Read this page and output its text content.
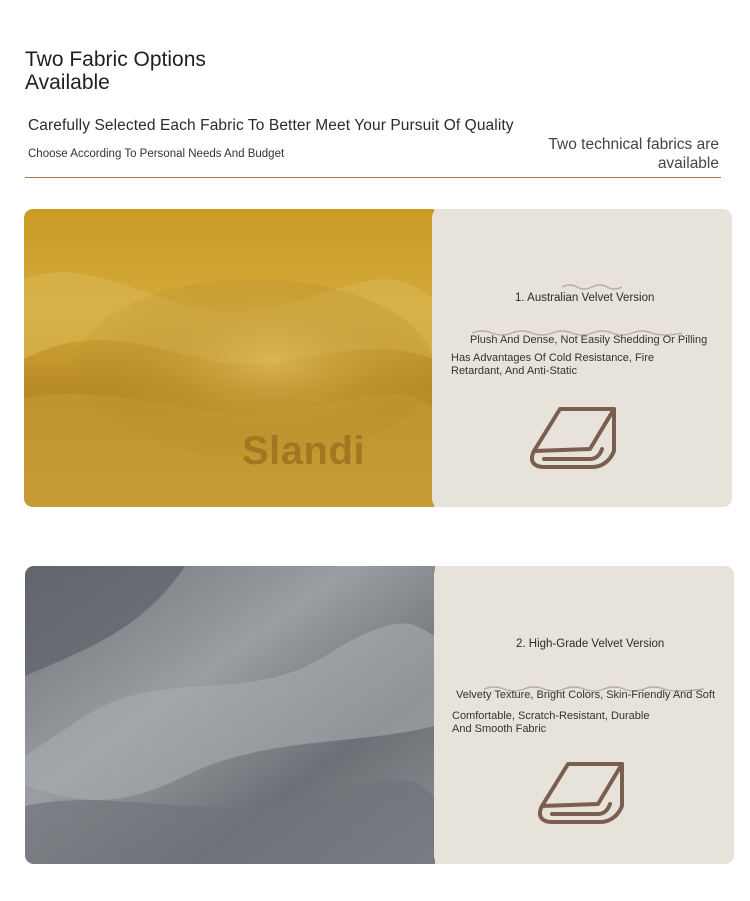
Two Fabric Options Available
Carefully Selected Each Fabric To Better Meet Your Pursuit Of Quality
Choose According To Personal Needs And Budget
Two technical fabrics are available
Slandi
1. Australian Velvet Version
Plush And Dense, Not Easily Shedding Or Pilling
Has Advantages Of Cold Resistance, Fire Retardant, And Anti-Static
2. High-Grade Velvet Version
Velvety Texture, Bright Colors, Skin-Friendly And Soft
Comfortable, Scratch-Resistant, Durable And Smooth Fabric
